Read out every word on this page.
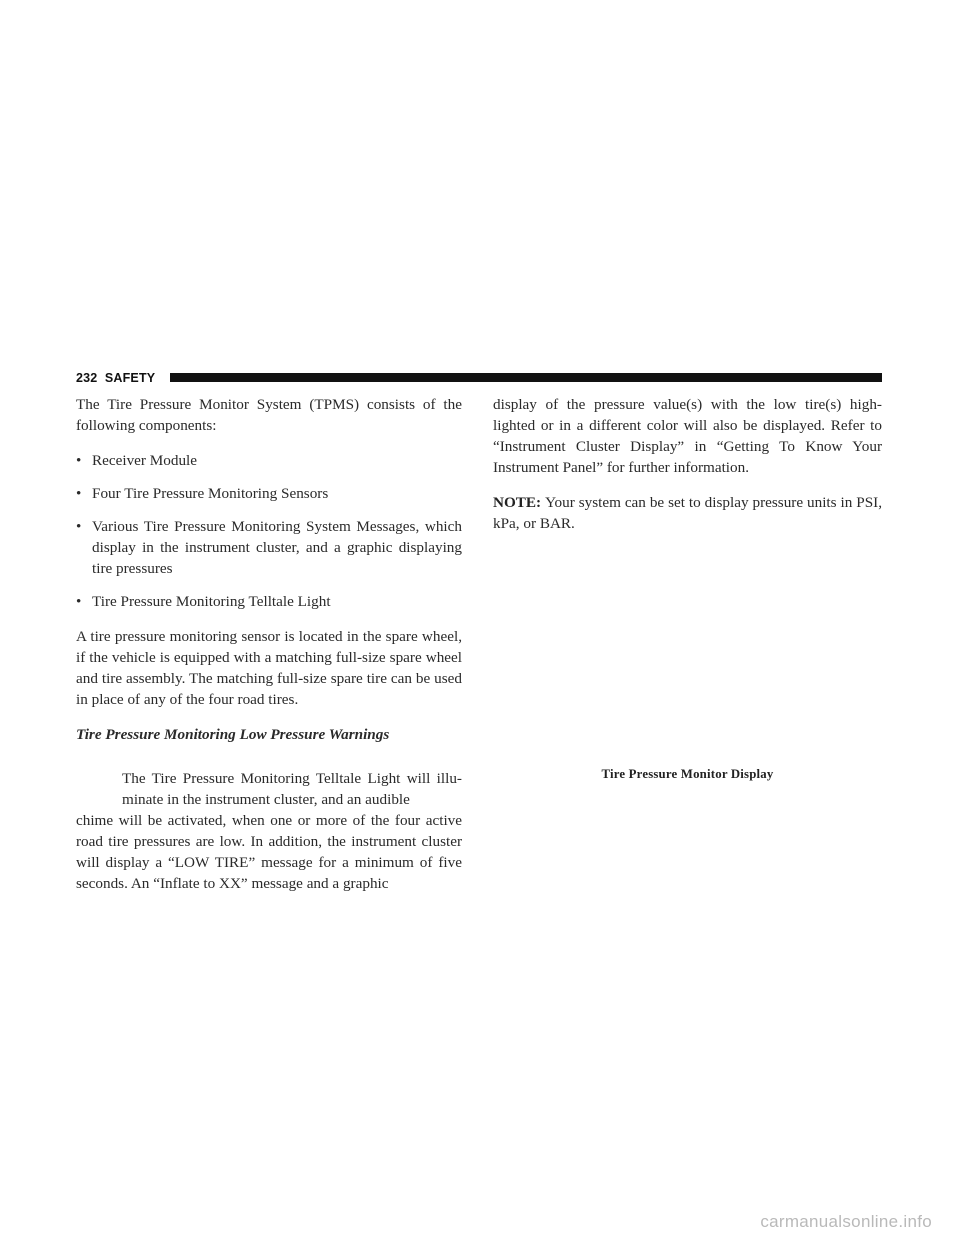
232 SAFETY

The Tire Pressure Monitor System (TPMS) consists of the following components:

• Receiver Module
• Four Tire Pressure Monitoring Sensors
• Various Tire Pressure Monitoring System Messages, which display in the instrument cluster, and a graphic displaying tire pressures
• Tire Pressure Monitoring Telltale Light

A tire pressure monitoring sensor is located in the spare wheel, if the vehicle is equipped with a matching full-size spare wheel and tire assembly. The matching full-size spare tire can be used in place of any of the four road tires.

Tire Pressure Monitoring Low Pressure Warnings

The Tire Pressure Monitoring Telltale Light will illu- minate in the instrument cluster, and an audible
chime will be activated, when one or more of the four active road tire pressures are low. In addition, the instrument cluster will display a “LOW TIRE” message for a minimum of five seconds. An “Inflate to XX” message and a graphic

display of the pressure value(s) with the low tire(s) high- lighted or in a different color will also be displayed. Refer to “Instrument Cluster Display” in “Getting To Know Your Instrument Panel” for further information.

NOTE: Your system can be set to display pressure units in PSI, kPa, or BAR.

Tire Pressure Monitor Display
carmanualsonline.info
